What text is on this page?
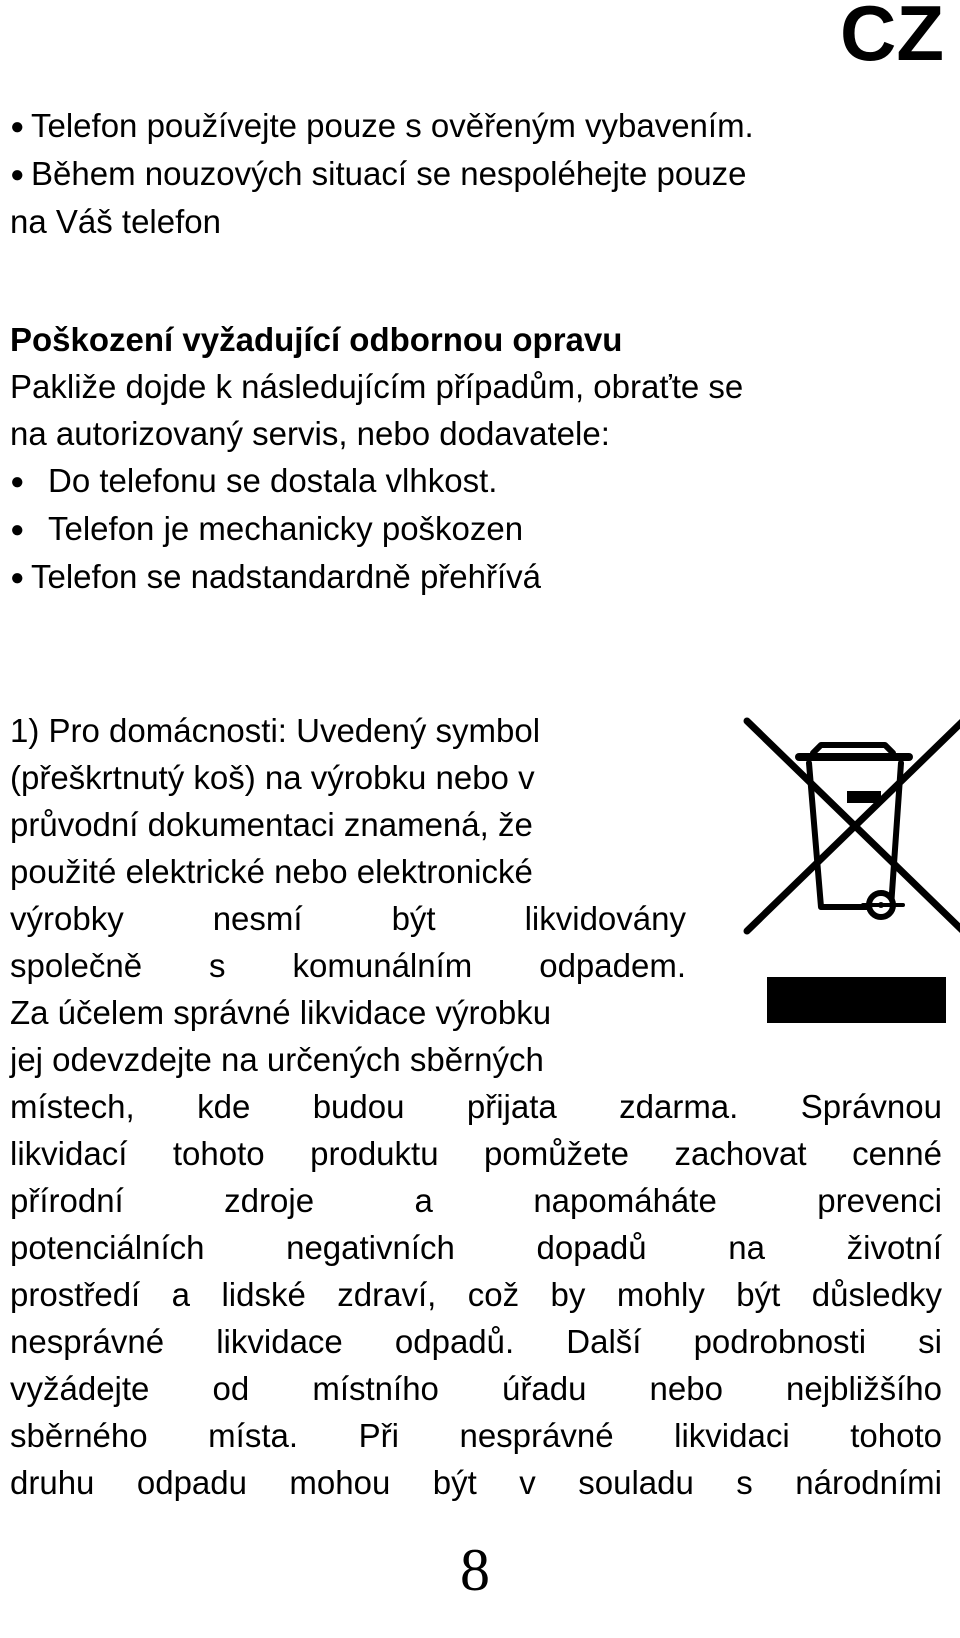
CZ
● Telefon používejte pouze s ověřeným vybavením.
● Během nouzových situací se nespoléhejte pouze
na Váš telefon
Poškození vyžadující odbornou opravu
Pakliže dojde k následujícím případům, obraťte se
na autorizovaný servis, nebo dodavatele:
● Do telefonu se dostala vlhkost.
● Telefon je mechanicky poškozen
● Telefon se nadstandardně přehřívá
1) Pro domácnosti: Uvedený symbol
(přeškrtnutý koš) na výrobku nebo v
průvodní dokumentaci znamená, že
použité elektrické nebo elektronické
výrobky nesmí být likvidovány
společně s komunálním odpadem.
Za účelem správné likvidace výrobku
jej odevzdejte na určených sběrných
místech, kde budou přijata zdarma. Správnou
likvidací tohoto produktu pomůžete zachovat cenné
přírodní zdroje a napomáháte prevenci
potenciálních negativních dopadů na životní
prostředí a lidské zdraví, což by mohly být důsledky
nesprávné likvidace odpadů. Další podrobnosti si
vyžádejte od místního úřadu nebo nejbližšího
sběrného místa. Při nesprávné likvidaci tohoto
druhu odpadu mohou být v souladu s národními
8
